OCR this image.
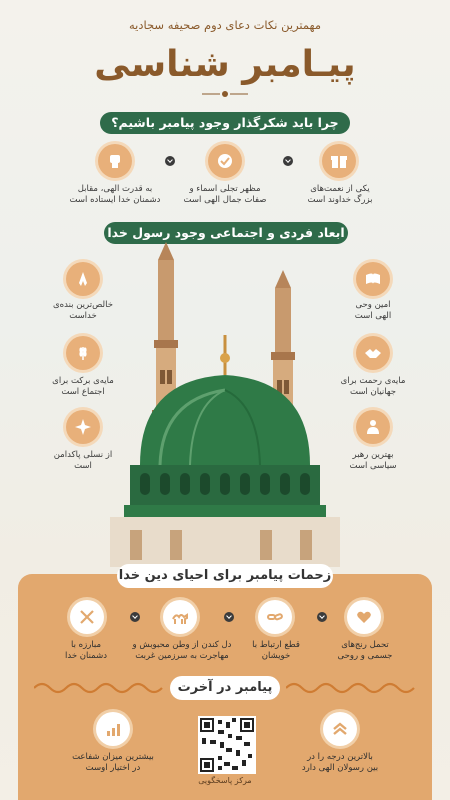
مهمترین نکات دعای دوم صحیفه سجادیه
پیـامبر شناسی
چرا باید شکرگذار وجود پیامبر باشیم؟
یکی از نعمت‌های
بزرگ خداوند است
مظهر تجلی اسماء و
صفات جمال الهی است
به قدرت الهی، مقابل
دشمنان خدا ایستاده است
ابعاد فردی و اجتماعی وجود رسول خدا
امین وحی
الهی است
مایه‌ی رحمت برای
جهانیان است
بهترین رهبر
سیاسی است
خالص‌ترین بنده‌ی
خداست
مایه‌ی برکت برای
اجتماع است
از نسلی پاکدامن
است
زحمات پیامبر برای احیای دین خدا
تحمل رنج‌های
جسمی و روحی
قطع ارتباط با
خویشان
دل کندن از وطن محبوبش و
مهاجرت به سرزمین غربت
مبارزه با
دشمنان خدا
پیامبر در آخرت
بالاترین درجه را در
بین رسولان الهی دارد
بیشترین میزان شفاعت
در اختیار اوست
مرکز پاسخگویی
